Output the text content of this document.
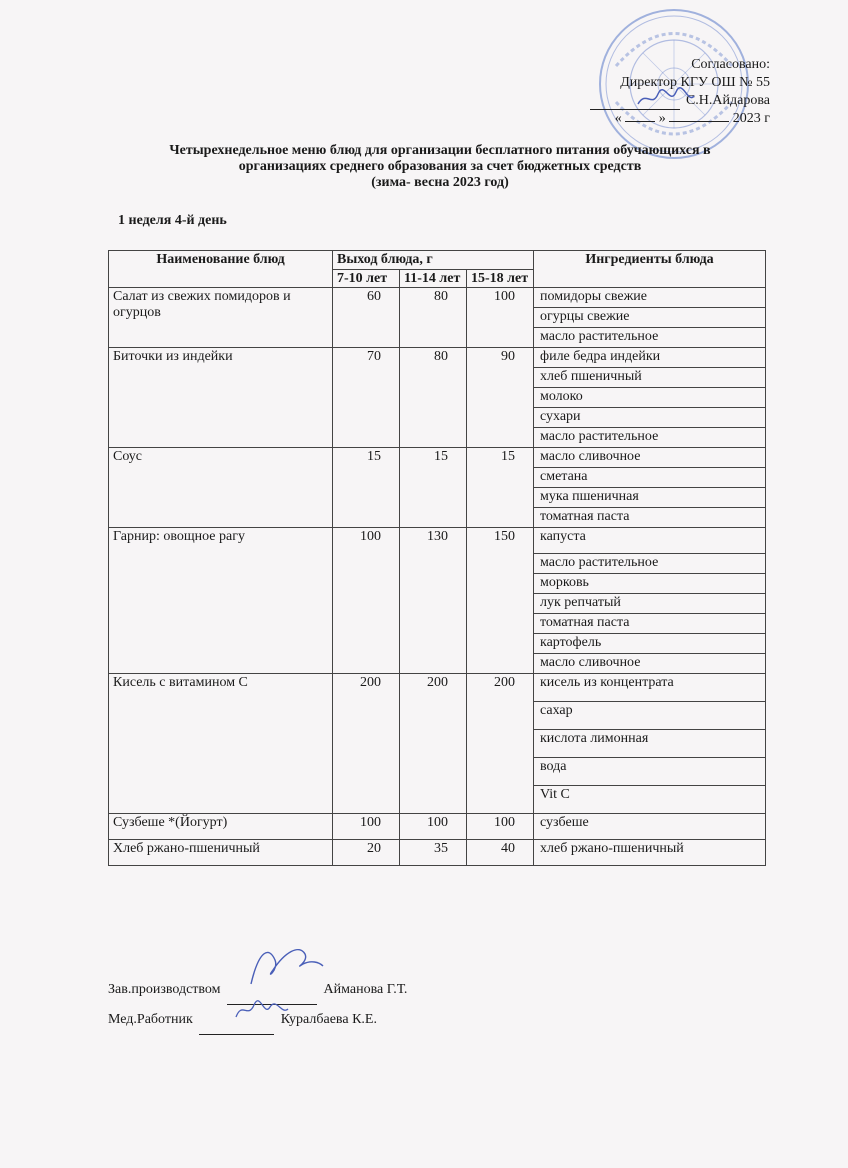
Согласовано:
Директор КГУ ОШ № 55
С.Н.Айдарова
«	»	2023 г
Четырехнедельное меню блюд для организации бесплатного питания обучающихся в
организациях среднего образования за счет бюджетных средств
(зима- весна 2023 год)
1 неделя 4-й день
Наименование блюд	Выход блюда, г			Ингредиенты блюда
	7-10 лет	11-14 лет	15-18 лет	
Салат из свежих помидоров и огурцов	60	80	100	помидоры свежие
				огурцы свежие
				масло растительное
Биточки из индейки	70	80	90	филе бедра индейки
				хлеб пшеничный
				молоко
				сухари
				масло растительное
Соус	15	15	15	масло сливочное
				сметана
				мука пшеничная
				томатная паста
Гарнир: овощное рагу	100	130	150	капуста
				масло растительное
				морковь
				лук репчатый
				томатная паста
				картофель
				масло сливочное
Кисель с витамином С	200	200	200	кисель из концентрата
				сахар
				кислота лимонная
				вода
				Vit C
Сузбеше *(Йогурт)	100	100	100	сузбеше
Хлеб ржано-пшеничный	20	35	40	хлеб ржано-пшеничный
Зав.производством	Айманова Г.Т.
Мед.Работник	Куралбаева К.Е.
